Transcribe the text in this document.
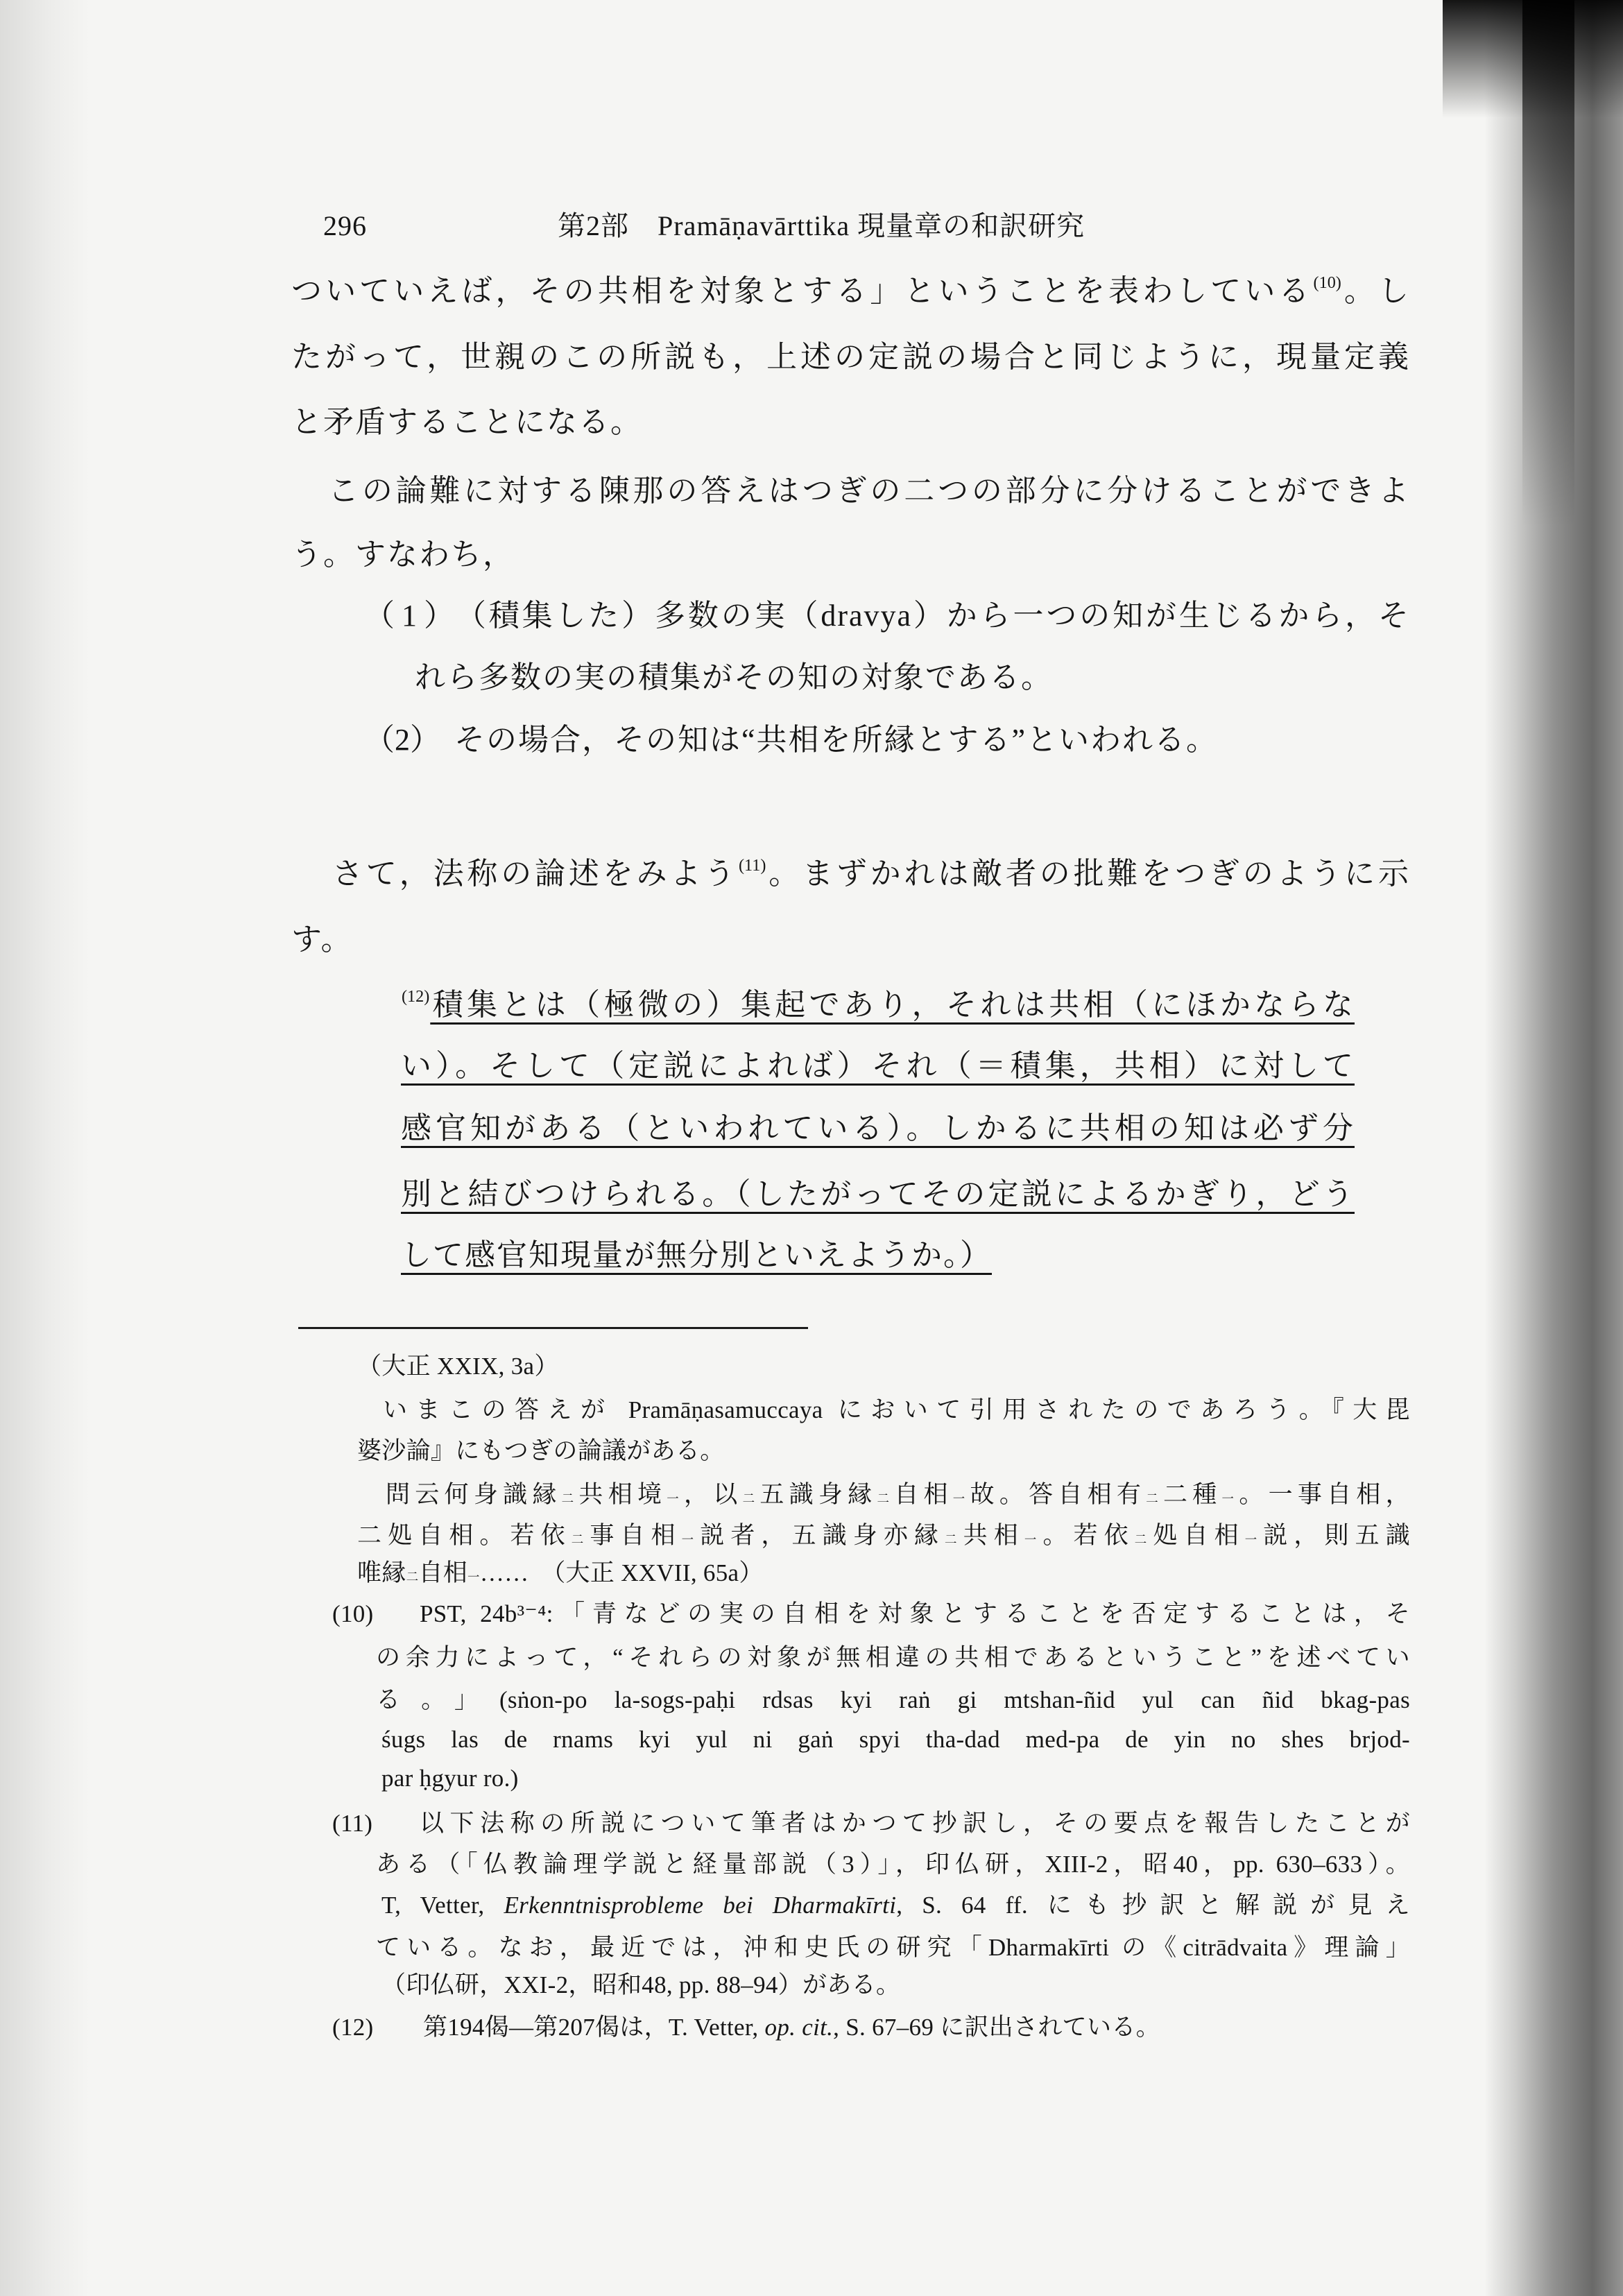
296	第2部　Pramāṇavārttika 現量章の和訳研究
ついていえば，その共相を対象とする」ということを表わしている$^{(10)}$。し
たがって，世親のこの所説も，上述の定説の場合と同じように，現量定義
と矛盾することになる。
この論難に対する陳那の答えはつぎの二つの部分に分けることができよ
う。すなわち，
（1）（積集した）多数の実（dravya）から一つの知が生じるから，そ
れら多数の実の積集がその知の対象である。
（2） その場合，その知は“共相を所縁とする”といわれる。
さて，法称の論述をみよう$^{(11)}$。まずかれは敵者の批難をつぎのように示
す。
$^{(12)}$積集とは（極微の）集起であり，それは共相（にほかならな
い）。そして（定説によれば）それ（＝積集，共相）に対して
感官知がある（といわれている）。しかるに共相の知は必ず分
別と結びつけられる。（したがってその定説によるかぎり，どう
して感官知現量が無分別といえようか。）
（大正 XXIX, 3a）
いまこの答えが Pramāṇasamuccaya において引用されたのであろう。『大毘
婆沙論』にもつぎの論議がある。
問云何身識縁㆓共相境㆒，以㆓五識身縁㆓自相㆒故。答自相有㆓二種㆒。一事自相，
二処自相。若依㆓事自相㆒説者，五識身亦縁㆓共相㆒。若依㆓処自相㆒説，則五識
唯縁㆓自相㆒……　（大正 XXVII, 65a）
(10) PST, 24b³⁻⁴:「青などの実の自相を対象とすることを否定することは，そ
の余力によって，“それらの対象が無相違の共相であるということ”を述べてい
る。」(sṅon-po la-sogs-paḥi rdsas kyi raṅ gi mtshan-ñid yul can ñid bkag-pas
śugs las de rnams kyi yul ni gaṅ spyi tha-dad med-pa de yin no shes brjod-
par ḥgyur ro.)
(11) 以下法称の所説について筆者はかつて抄訳し，その要点を報告したことが
ある（「仏教論理学説と経量部説（3）」，印仏研，XIII-2，昭40，pp. 630–633）。
T, Vetter, Erkenntnisprobleme bei Dharmakīrti, S. 64 ff. にも抄訳と解説が見え
ている。なお，最近では，沖和史氏の研究「Dharmakīrti の《citrādvaita》理論」
（印仏研，XXI-2，昭和48, pp. 88–94）がある。
(12) 第194偈—第207偈は，T. Vetter, op. cit., S. 67–69 に訳出されている。
